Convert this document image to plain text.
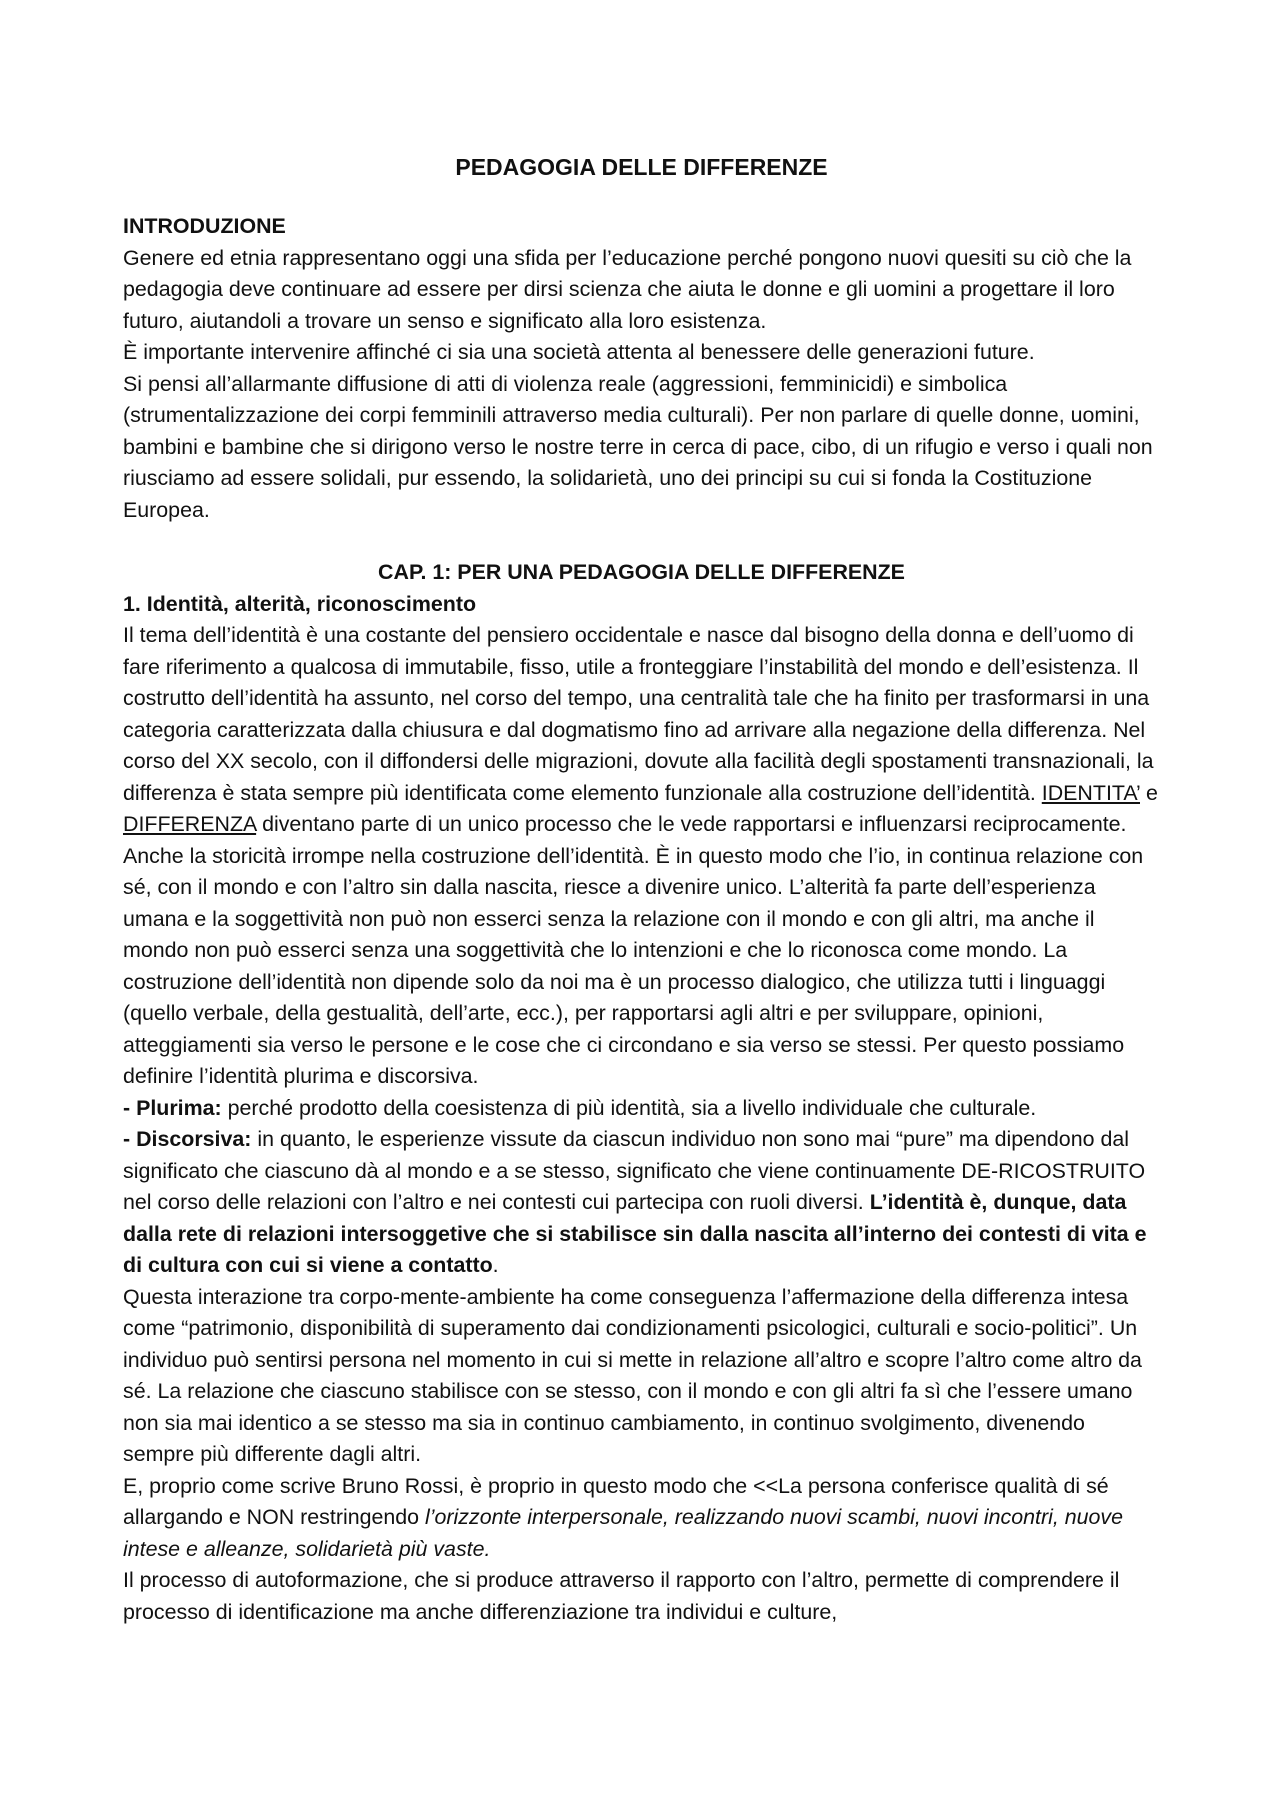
PEDAGOGIA DELLE DIFFERENZE
INTRODUZIONE

Genere ed etnia rappresentano oggi una sfida per l’educazione perché pongono nuovi quesiti su ciò che la pedagogia deve continuare ad essere per dirsi scienza che aiuta le donne e gli uomini a progettare il loro futuro, aiutandoli a trovare un senso e significato alla loro esistenza.

È importante intervenire affinché ci sia una società attenta al benessere delle generazioni future.

Si pensi all’allarmante diffusione di atti di violenza reale (aggressioni, femminicidi) e simbolica (strumentalizzazione dei corpi femminili attraverso media culturali). Per non parlare di quelle donne, uomini, bambini e bambine che si dirigono verso le nostre terre in cerca di pace, cibo, di un rifugio e verso i quali non riusciamo ad essere solidali, pur essendo, la solidarietà, uno dei principi su cui si fonda la Costituzione Europea.

CAP. 1: PER UNA PEDAGOGIA DELLE DIFFERENZE
1. Identità, alterità, riconoscimento

Il tema dell’identità è una costante del pensiero occidentale e nasce dal bisogno della donna e dell’uomo di fare riferimento a qualcosa di immutabile, fisso, utile a fronteggiare l’instabilità del mondo e dell’esistenza. Il costrutto dell’identità ha assunto, nel corso del tempo, una centralità tale che ha finito per trasformarsi in una categoria caratterizzata dalla chiusura e dal dogmatismo fino ad arrivare alla negazione della differenza. Nel corso del XX secolo, con il diffondersi delle migrazioni, dovute alla facilità degli spostamenti transnazionali, la differenza è stata sempre più identificata come elemento funzionale alla costruzione dell’identità. IDENTITA’ e DIFFERENZA diventano parte di un unico processo che le vede rapportarsi e influenzarsi reciprocamente.

Anche la storicità irrompe nella costruzione dell’identità. È in questo modo che l’io, in continua relazione con sé, con il mondo e con l’altro sin dalla nascita, riesce a divenire unico. L’alterità fa parte dell’esperienza umana e la soggettività non può non esserci senza la relazione con il mondo e con gli altri, ma anche il mondo non può esserci senza una soggettività che lo intenzioni e che lo riconosca come mondo. La costruzione dell’identità non dipende solo da noi ma è un processo dialogico, che utilizza tutti i linguaggi (quello verbale, della gestualità, dell’arte, ecc.), per rapportarsi agli altri e per sviluppare, opinioni, atteggiamenti sia verso le persone e le cose che ci circondano e sia verso se stessi. Per questo possiamo definire l’identità plurima e discorsiva.

- Plurima: perché prodotto della coesistenza di più identità, sia a livello individuale che culturale.

- Discorsiva: in quanto, le esperienze vissute da ciascun individuo non sono mai “pure” ma dipendono dal significato che ciascuno dà al mondo e a se stesso, significato che viene continuamente DE-RICOSTRUITO nel corso delle relazioni con l’altro e nei contesti cui partecipa con ruoli diversi. L’identità è, dunque, data dalla rete di relazioni intersoggetive che si stabilisce sin dalla nascita all’interno dei contesti di vita e di cultura con cui si viene a contatto.

Questa interazione tra corpo-mente-ambiente ha come conseguenza l’affermazione della differenza intesa come “patrimonio, disponibilità di superamento dai condizionamenti psicologici, culturali e socio-politici”. Un individuo può sentirsi persona nel momento in cui si mette in relazione all’altro e scopre l’altro come altro da sé. La relazione che ciascuno stabilisce con se stesso, con il mondo e con gli altri fa sì che l’essere umano non sia mai identico a se stesso ma sia in continuo cambiamento, in continuo svolgimento, divenendo sempre più differente dagli altri.

E, proprio come scrive Bruno Rossi, è proprio in questo modo che <<La persona conferisce qualità di sé allargando e NON restringendo l’orizzonte interpersonale, realizzando nuovi scambi, nuovi incontri, nuove intese e alleanze, solidarietà più vaste.

Il processo di autoformazione, che si produce attraverso il rapporto con l’altro, permette di comprendere il processo di identificazione ma anche differenziazione tra individui e culture,
